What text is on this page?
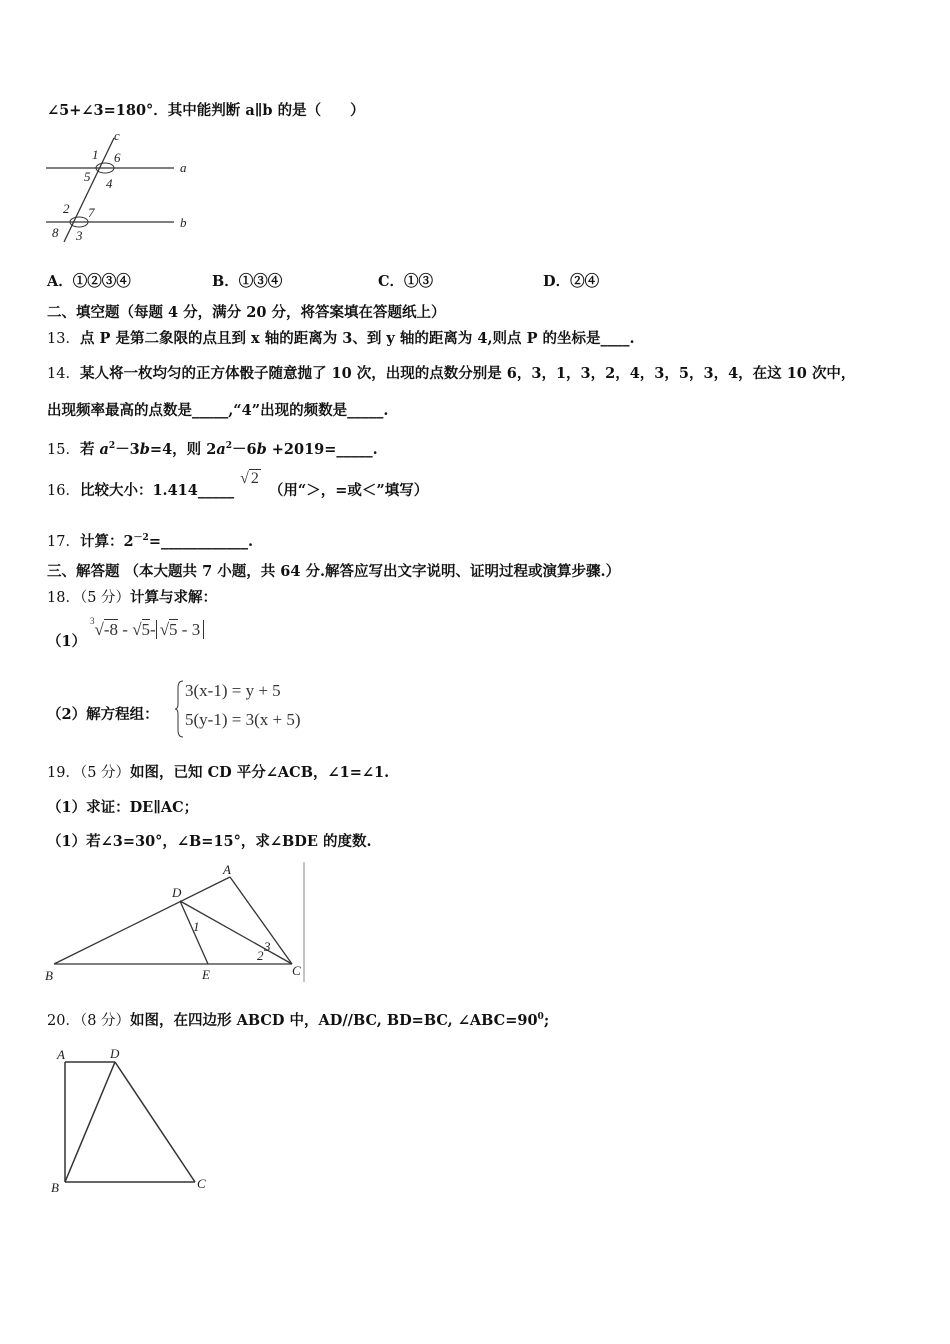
∠5+∠3=180°．其中能判断 a∥b 的是（　　）
c
1 6
a
5 4
2 7
b
8 3
A．①②③④	B．①③④	C．①③	D．②④
二、填空题（每题 4 分，满分 20 分，将答案填在答题纸上）
13．点 P 是第二象限的点且到 x 轴的距离为 3、到 y 轴的距离为 4,则点 P 的坐标是____.
14．某人将一枚均匀的正方体骰子随意抛了 10 次，出现的点数分别是 6，3，1，3，2，4，3，5，3，4，在这 10 次中，
出现频率最高的点数是_____,“4”出现的频数是_____.
15．若 $a^2-3b=4$，则 $2a^2-6b$ +2019=_____.
16．比较大小：1.414_____√ 2（用“＞，=或＜”填写）
17．计算：$2^{-2}=\_\_\_\_\_\_\_\_\_\_\_\_$.
三、解答题 （本大题共 7 小题，共 64 分.解答应写出文字说明、证明过程或演算步骤.）
18．（5 分）计算与求解：
（1）
$^3$√-8 - √5- √5 - 3
（2）解方程组：
3(x-1) = y + 5
5(y-1) = 3(x + 5)
19．（5 分）如图，已知 CD 平分∠ACB，∠1=∠1.
（1）求证：DE∥AC；
（1）若∠3=30°，∠B=15°，求∠BDE 的度数.
A
D
1
3
2
B	E	C
20．（8 分）如图，在四边形 ABCD 中，AD//BC, BD=BC, $\angle ABC=90^0$;
A	D
B	C
